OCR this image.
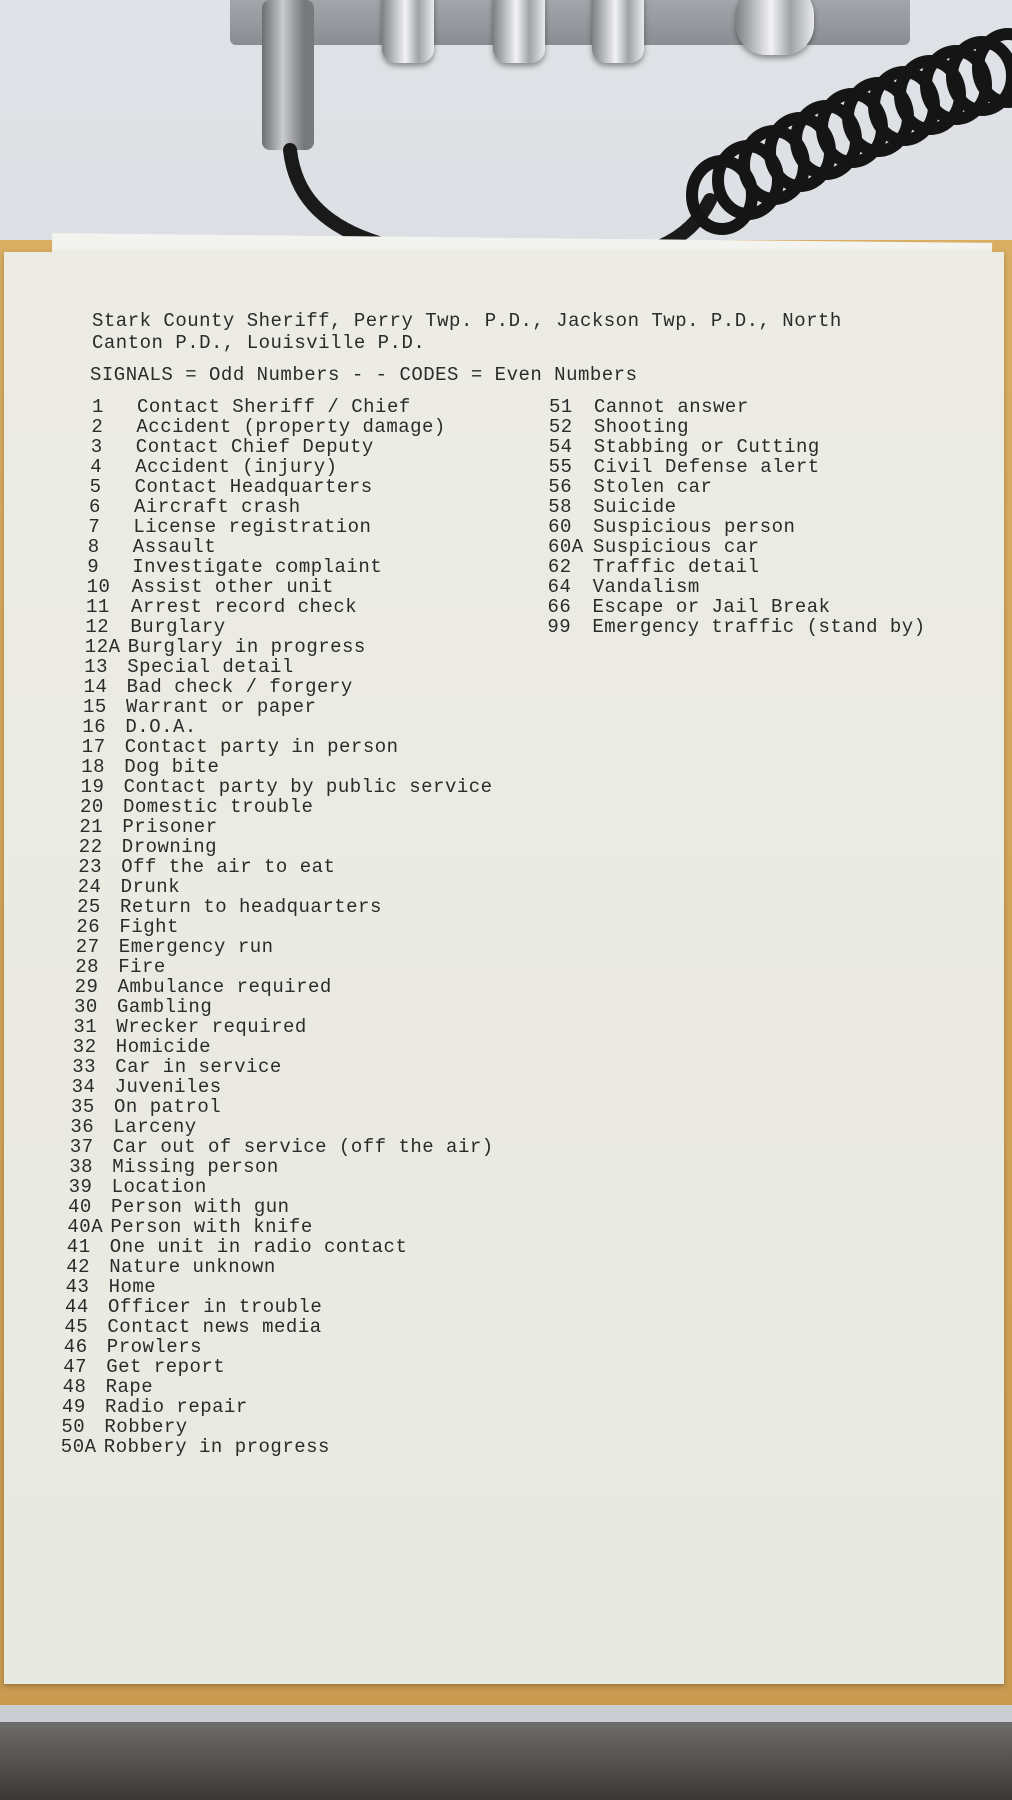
Stark County Sheriff, Perry Twp. P.D., Jackson Twp. P.D., North
Canton P.D., Louisville P.D.
SIGNALS = Odd Numbers - - CODES = Even Numbers
1	Contact Sheriff / Chief
2	Accident (property damage)
3	Contact Chief Deputy
4	Accident (injury)
5	Contact Headquarters
6	Aircraft crash
7	License registration
8	Assault
9	Investigate complaint
10	Assist other unit
11	Arrest record check
12	Burglary
12A Burglary in progress
13	Special detail
14	Bad check / forgery
15	Warrant or paper
16	D.O.A.
17	Contact party in person
18	Dog bite
19	Contact party by public service
20	Domestic trouble
21	Prisoner
22	Drowning
23	Off the air to eat
24	Drunk
25	Return to headquarters
26	Fight
27	Emergency run
28	Fire
29	Ambulance required
30	Gambling
31	Wrecker required
32	Homicide
33	Car in service
34	Juveniles
35	On patrol
36	Larceny
37	Car out of service (off the air)
38	Missing person
39	Location
40	Person with gun
40A Person with knife
41	One unit in radio contact
42	Nature unknown
43	Home
44	Officer in trouble
45	Contact news media
46	Prowlers
47	Get report
48	Rape
49	Radio repair
50	Robbery
50A Robbery in progress
51	Cannot answer
52	Shooting
54	Stabbing or Cutting
55	Civil Defense alert
56	Stolen car
58	Suicide
60	Suspicious person
60A Suspicious car
62	Traffic detail
64	Vandalism
66	Escape or Jail Break
99	Emergency traffic (stand by)
